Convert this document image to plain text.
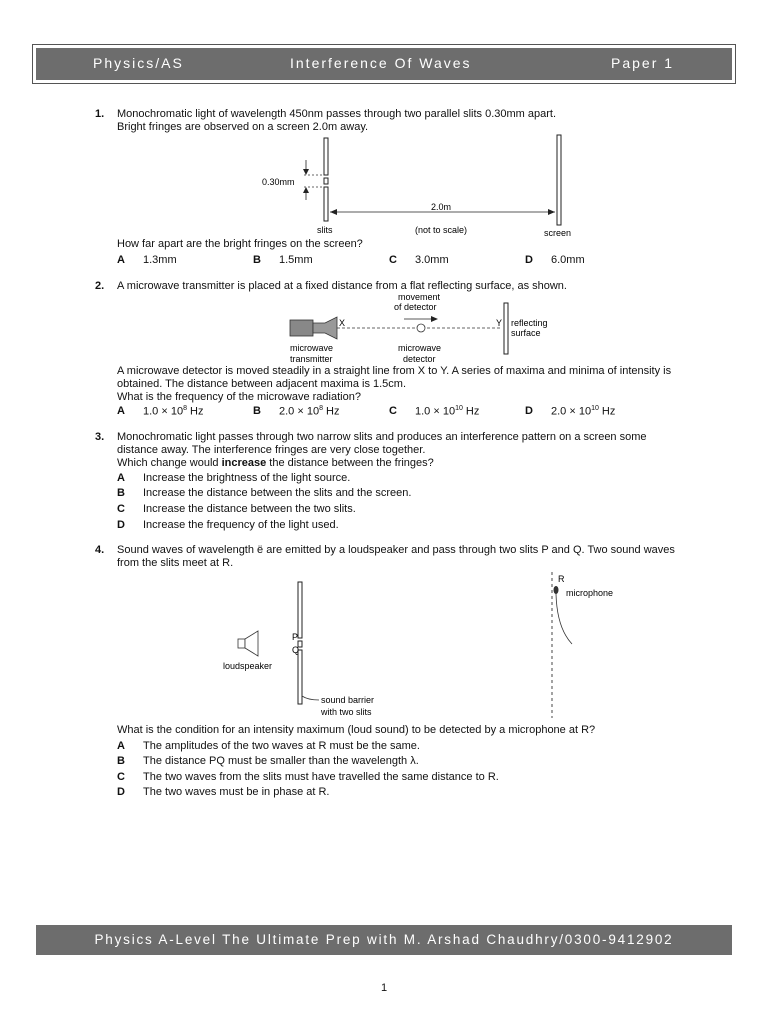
Physics/AS	Interference Of Waves	Paper 1
1. Monochromatic light of wavelength 450nm passes through two parallel slits 0.30mm apart.
Bright fringes are observed on a screen 2.0m away.
0.30mm
2.0m
slits	(not to scale)	screen
How far apart are the bright fringes on the screen?
A 1.3mm	B 1.5mm	C 3.0mm	D 6.0mm
2. A microwave transmitter is placed at a fixed distance from a flat reflecting surface, as shown.
movement
of detector
X	Y reflecting
surface
microwave
transmitter
microwave
detector
A microwave detector is moved steadily in a straight line from X to Y. A series of maxima and minima of intensity is
obtained. The distance between adjacent maxima is 1.5cm.
What is the frequency of the microwave radiation?
A $1.0 \times 10^8$ Hz	B $2.0 \times 10^8$ Hz	C $1.0 \times 10^{10}$ Hz	D $2.0 \times 10^{10}$ Hz
3. Monochromatic light passes through two narrow slits and produces an interference pattern on a screen some
distance away. The interference fringes are very close together.
Which change would increase the distance between the fringes?
A Increase the brightness of the light source.
B Increase the distance between the slits and the screen.
C Increase the distance between the two slits.
D Increase the frequency of the light used.
4. Sound waves of wavelength ë are emitted by a loudspeaker and pass through two slits P and Q. Two sound waves
from the slits meet at R.
loudspeaker
P
Q
sound barrier
with two slits
R
microphone
What is the condition for an intensity maximum (loud sound) to be detected by a microphone at R?
A The amplitudes of the two waves at R must be the same.
B The distance PQ must be smaller than the wavelength λ.
C The two waves from the slits must have travelled the same distance to R.
D The two waves must be in phase at R.
Physics A-Level The Ultimate Prep with M. Arshad Chaudhry/0300-9412902
1
